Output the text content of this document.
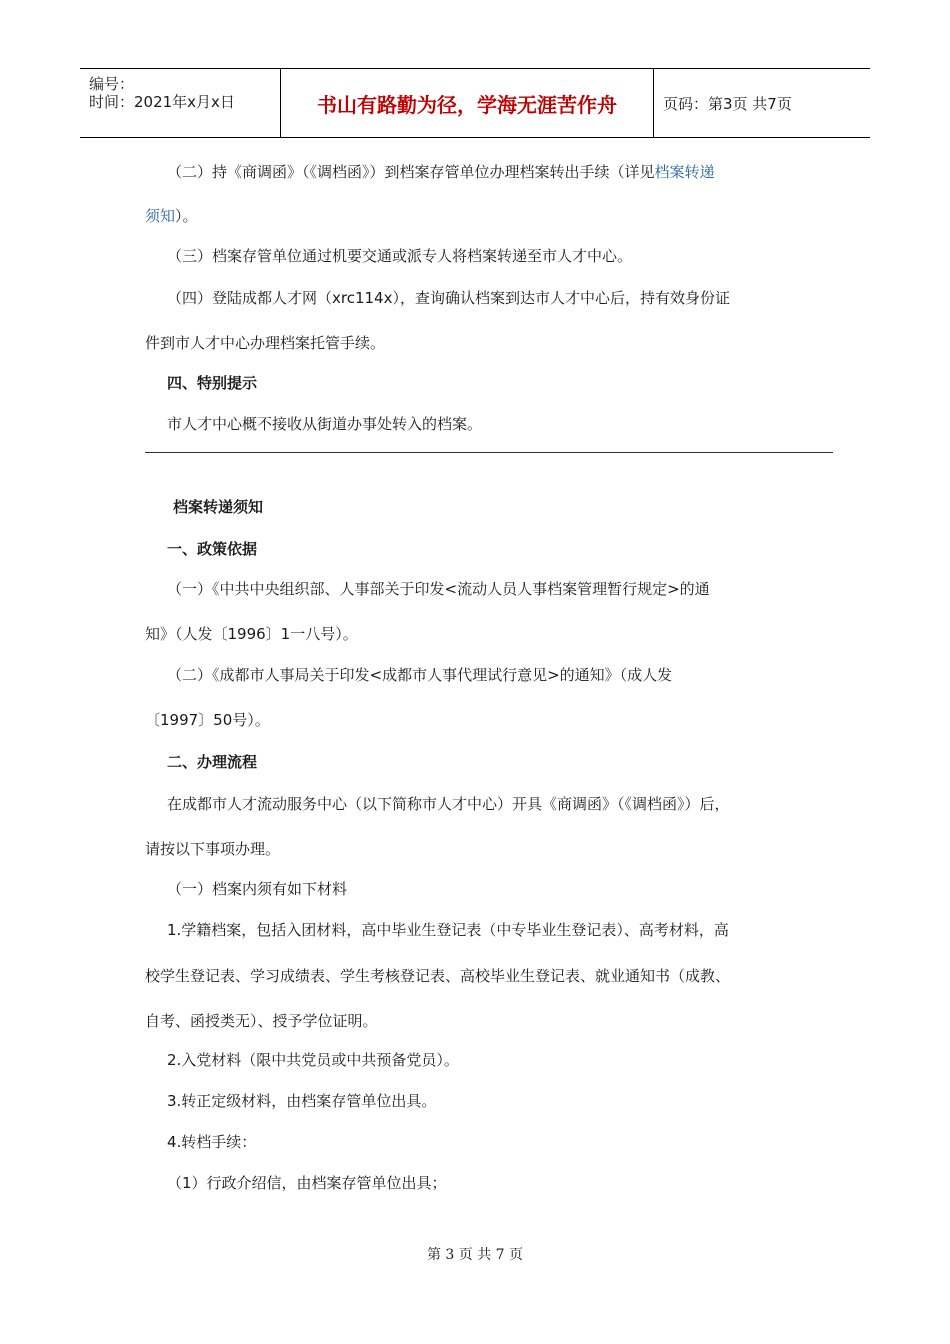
编号：
时间：2021年x月x日	书山有路勤为径，学海无涯苦作舟	页码：第3页 共7页
（二）持《商调函》（《调档函》）到档案存管单位办理档案转出手续（详见档案转递
须知）。
（三）档案存管单位通过机要交通或派专人将档案转递至市人才中心。
（四）登陆成都人才网（xrc114x），查询确认档案到达市人才中心后，持有效身份证
件到市人才中心办理档案托管手续。
四、特别提示
市人才中心概不接收从街道办事处转入的档案。
档案转递须知
一、政策依据
（一）《中共中央组织部、人事部关于印发<流动人员人事档案管理暂行规定>的通
知》（人发〔1996〕1一八号）。
（二）《成都市人事局关于印发<成都市人事代理试行意见>的通知》（成人发
〔1997〕50号）。
二、办理流程
在成都市人才流动服务中心（以下简称市人才中心）开具《商调函》（《调档函》）后，
请按以下事项办理。
（一）档案内须有如下材料
1.学籍档案，包括入团材料，高中毕业生登记表（中专毕业生登记表）、高考材料，高
校学生登记表、学习成绩表、学生考核登记表、高校毕业生登记表、就业通知书（成教、
自考、函授类无）、授予学位证明。
2.入党材料（限中共党员或中共预备党员）。
3.转正定级材料，由档案存管单位出具。
4.转档手续：
（1）行政介绍信，由档案存管单位出具；
第 3 页 共 7 页
